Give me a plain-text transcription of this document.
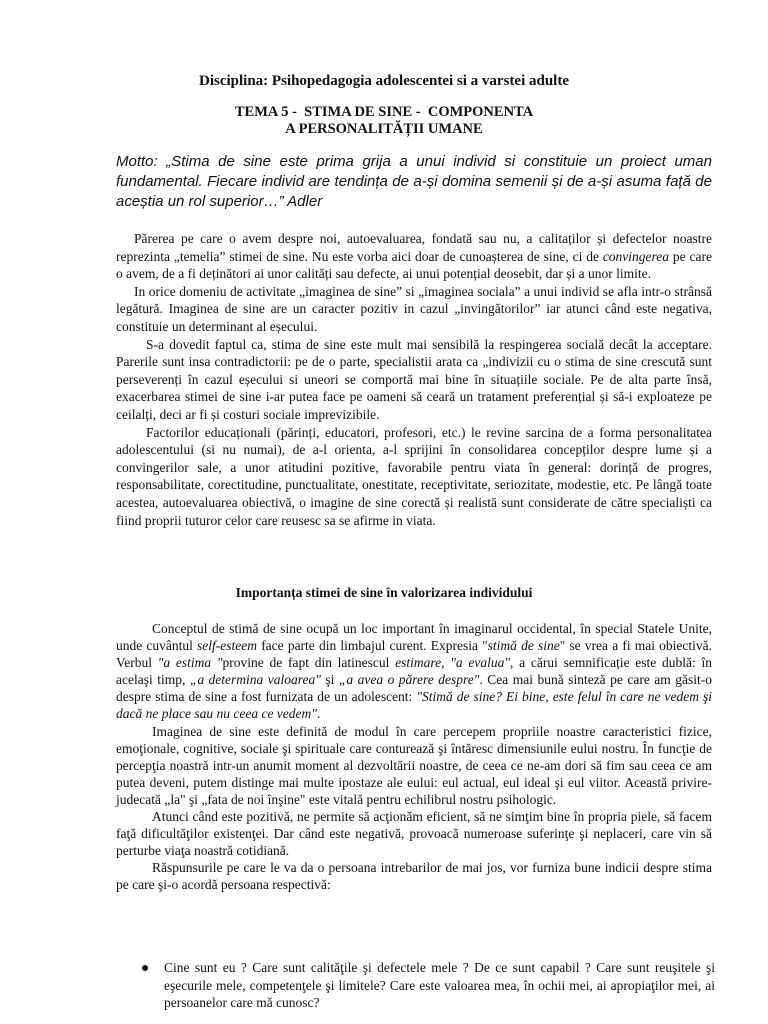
Disciplina: Psihopedagogia adolescentei si a varstei adulte
TEMA 5 -  STIMA DE SINE -  COMPONENTA
A PERSONALITĂȚII UMANE
Motto: „Stima de sine este prima grija a unui individ si constituie un proiect uman fundamental. Fiecare individ are tendința de a-și domina semenii și de a-și asuma față de aceștia un rol superior…” Adler

Părerea pe care o avem despre noi, autoevaluarea, fondată sau nu, a calitaților și defectelor noastre reprezinta „temelia” stimei de sine. Nu este vorba aici doar de cunoașterea de sine, ci de convingerea pe care o avem, de a fi deținători ai unor calități sau defecte, ai unui potențial deosebit, dar și a unor limite.

In orice domeniu de activitate „imaginea de sine” si „imaginea sociala” a unui individ se afla intr-o strânsă legătură. Imaginea de sine are un caracter pozitiv in cazul „invingătorilor” iar atunci când este negativa, constituie un determinant al eșecului.

S-a dovedit faptul ca, stima de sine este mult mai sensibilă la respingerea socială decât la acceptare. Parerile sunt insa contradictorii: pe de o parte, specialistii arata ca „indivizii cu o stima de sine crescută sunt perseverenți în cazul eșecului si uneori se comportă mai bine în situațiile sociale. Pe de alta parte însă, exacerbarea stimei de sine i-ar putea face pe oameni să ceară un tratament preferențial și să-i exploateze pe ceilalți, deci ar fi și costuri sociale imprevizibile.

Factorilor educaționali (părinți, educatori, profesori, etc.) le revine sarcina de a forma personalitatea adolescentului (si nu numai), de a-l orienta, a-l sprijini în consolidarea concepților despre lume și a convingerilor sale, a unor atitudini pozitive, favorabile pentru viata în general: dorință de progres, responsabilitate, corectitudine, punctualitate, onestitate, receptivitate, seriozitate, modestie, etc. Pe lângă toate acestea, autoevaluarea obiectivă, o imagine de sine corectă și realistă sunt considerate de către specialiști ca fiind proprii tuturor celor care reusesc sa se afirme in viata.

Importanța stimei de sine în valorizarea individului

Conceptul de stimă de sine ocupă un loc important în imaginarul occidental, în special Statele Unite, unde cuvântul self-esteem face parte din limbajul curent. Expresia "stimă de sine" se vrea a fi mai obiectivă. Verbul "a estima "provine de fapt din latinescul estimare, "a evalua", a cărui semnificație este dublă: în acelaşi timp, „a determina valoarea" şi „a avea o părere despre". Cea mai bună sinteză pe care am găsit-o despre stima de sine a fost furnizata de un adolescent: "Stimă de sine? Ei bine, este felul în care ne vedem şi dacă ne place sau nu ceea ce vedem".

Imaginea de sine este definită de modul în care percepem propriile noastre caracteristici fizice, emoţionale, cognitive, sociale şi spirituale care conturează şi întăresc dimensiunile eului nostru. În funcţie de percepţia noastră intr-un anumit moment al dezvoltării noastre, de ceea ce ne-am dori să fim sau ceea ce am putea deveni, putem distinge mai multe ipostaze ale eului: eul actual, eul ideal şi eul viitor. Această privire-judecată „la" şi „fata de noi înşine" este vitală pentru echilibrul nostru psihologic.

Atunci când este pozitivă, ne permite să acţionăm eficient, să ne simţim bine în propria piele, să facem faţă dificultăţilor existenţei. Dar când este negativă, provoacă numeroase suferinţe şi neplaceri, care vin să perturbe viaţa noastră cotidiană.

Răspunsurile pe care le va da o persoana intrebarilor de mai jos, vor furniza bune indicii despre stima pe care şi-o acordă persoana respectivă:

Cine sunt eu ? Care sunt calităţile şi defectele mele ? De ce sunt capabil ? Care sunt reuşitele şi eşecurile mele, competenţele şi limitele? Care este valoarea mea, în ochii mei, ai apropiaţilor mei, ai persoanelor care mă cunosc?
